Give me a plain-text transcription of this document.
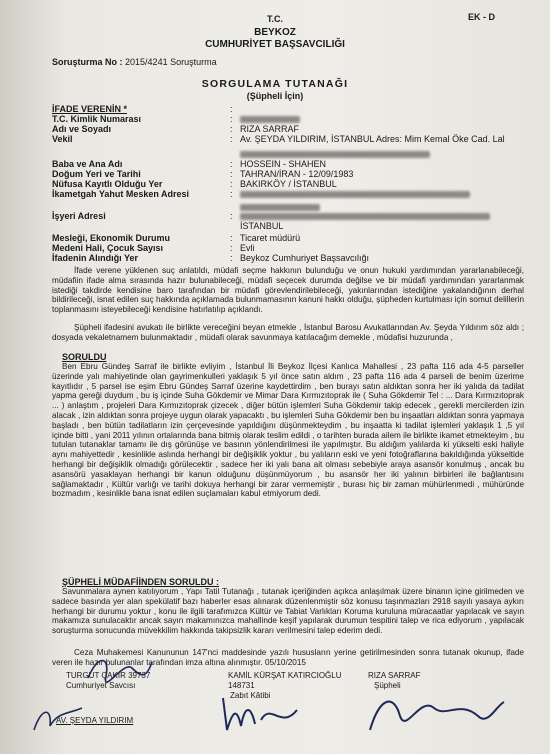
EK - D
T.C.
BEYKOZ
CUMHURİYET BAŞSAVCILIĞI
Soruşturma No : 2015/4241 Soruşturma
SORGULAMA TUTANAĞI
(Şüpheli İçin)
İFADE VERENİN *	:
T.C. Kimlik Numarası	:
Adı ve Soyadı	: RIZA SARRAF
Vekil	: Av. ŞEYDA YILDIRIM, İSTANBUL Adres: Mim Kemal Öke Cad. Lal
Baba ve Ana Adı	: HOSSEIN - SHAHEN
Doğum Yeri ve Tarihi	: TAHRAN/İRAN - 12/09/1983
Nüfusa Kayıtlı Olduğu Yer	: BAKIRKÖY / İSTANBUL
İkametgah Yahut Mesken Adresi	:
İşyeri Adresi	:
İSTANBUL
Mesleği, Ekonomik Durumu	: Ticaret müdürü
Medeni Hali, Çocuk Sayısı	: Evli
İfadenin Alındığı Yer	: Beykoz Cumhuriyet Başsavcılığı
İfade verene yüklenen suç anlatıldı, müdafi seçme hakkının bulunduğu ve onun hukuki yardımından yararlanabileceği, müdafiin ifade alma sırasında hazır bulunabileceği, müdafi seçecek durumda değilse ve bir müdafi yardımından yararlanmak istediği takdirde kendisine baro tarafından bir müdafi görevlendirilebileceği, yakınlarından istediğine yakalandığının derhal bildirileceği, isnat edilen suç hakkında açıklamada bulunmamasının kanuni hakkı olduğu, şüpheden kurtulması için somut delillerin toplanmasını isteyebileceği kendisine hatırlatılıp açıklandı.
Şüpheli ifadesini avukatı ile birlikte vereceğini beyan etmekle , İstanbul Barosu Avukatlarından Av. Şeyda Yıldırım söz aldı ; dosyada vekaletnamem bulunmaktadır , müdafi olarak savunmaya katılacağım demekle , müdafisi huzurunda ,
SORULDU
Ben Ebru Gündeş Sarraf ile birlikte evliyim , İstanbul İli Beykoz İlçesi Kanlıca Mahallesi , 23 pafta 116 ada 4-5 parseller üzerinde yalı mahiyetinde olan gayrimenkulleri yaklaşık 5 yıl önce satın aldım , 23 pafta 116 ada 4 parseli de benim üzerime kayıtlıdır , 5 parsel ise eşim Ebru Gündeş Sarraf üzerine kaydettirdim , ben burayı satın aldıktan sonra her iki yalıda da tadilat yapma gereği duydum , bu iş içinde Suha Gökdemir ve Mimar Dara Kırmızıtoprak ile ( Suha Gökdemir Tel : ... Dara Kırmızıtoprak ... ) anlaştım , projeleri Dara Kırmızıtoprak çizecek , diğer bütün işlemleri Suha Gökdemir takip edecek , gerekli mercilerden izin alacak , izin aldıktan sonra projeye uygun olarak yapacaktı , bu işlemleri Suha Gökdemir ben bu inşaatları aldıktan sonra yapmaya başladı , ben bütün tadilatların izin çerçevesinde yapıldığını düşünmekteydim , bu inşaatta ki tadilat işlemleri yaklaşık 1 ,5 yıl içinde bitti , yani 2011 yılının ortalarında bana bitmiş olarak teslim edildi , o tarihten burada ailem ile birlikte ikamet etmekteyim , bu tutulan tutanaklar tamamı ile dış görünüşe ve basının yönlendirilmesi ile yapılmıştır. Bu aldığım yalılarda ki yükselti eski haliyle aynı mahiyettedir , kesinlikle aslında herhangi bir değişiklik yoktur , bu yalıların eski ve yeni fotoğraflarına bakıldığında yükseltide herhangi bir değişiklik olmadığı görülecektir , sadece her iki yalı bana ait olması sebebiyle araya asansör konulmuş , ancak bu asansörü yasaklayan herhangi bir kanun olduğunu düşünmüyorum , bu asansör her iki yalının birbirleri ile bağlantısını sağlamaktadır , Kültür varlığı ve tarihi dokuya herhangi bir zarar vermemiştir , burası hiç bir zaman mühürlenmedi , mühüründe bozmadım , kesinlikle bana isnat edilen suçlamaları kabul etmiyorum dedi.
ŞÜPHELİ MÜDAFİİNDEN SORULDU :
Savunmalara aynen katılıyorum , Yapı Tatil Tutanağı , tutanak içeriğinden açıkca anlaşılmak üzere binanın içine girilmeden ve sadece basında yer alan spekülatif bazı haberler esas alınarak düzenlenmiştir söz konusu taşınmazları 2918 sayılı yasaya aykırı herhangi bir durumu yoktur , konu ile ilgili tarafımızca Kültür ve Tabiat Varlıkları Koruma kuruluna müracaatlar yapılacak ve sayın makamıza sunulacaktır ancak sayın makamınızca mahallinde keşif yapılarak durumun tespitini talep ve rica ediyorum , yapılacak soruşturma sonucunda müvekkilim hakkında takipsizlik kararı verilmesini talep ederim dedi.
Ceza Muhakemesi Kanununun 147'nci maddesinde yazılı hususların yerine getirilmesinden sonra tutanak okunup, ifade veren ile hazır bulunanlar tarafından imza altına alınmıştır. 05/10/2015
TURGUT ÇAKIR 39737
Cumhuriyet Savcısı
KAMİL KÜRŞAT KATIRCIOĞLU
148731
Zabıt Kâtibi
RIZA SARRAF
Şüpheli
AV. ŞEYDA YILDIRIM
